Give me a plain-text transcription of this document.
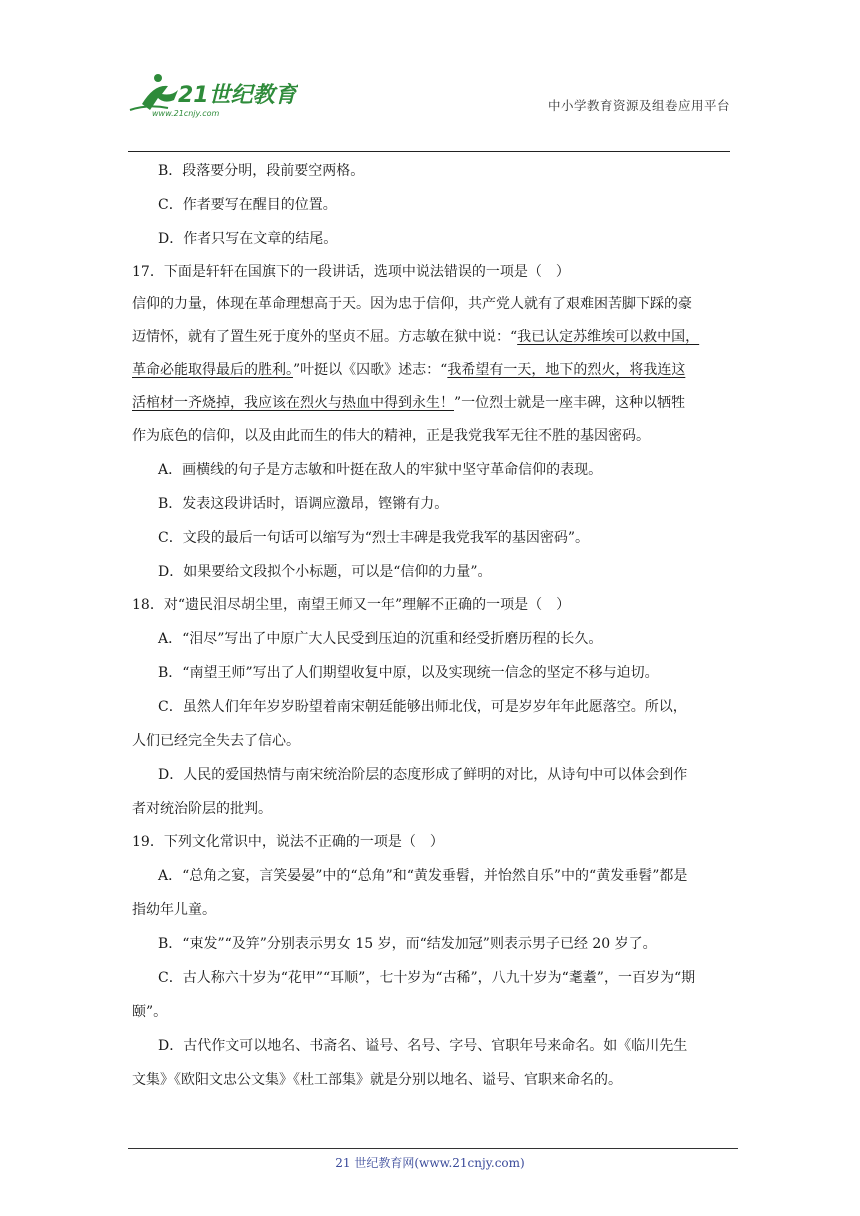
21世纪教育
www.21cnjy.com
中小学教育资源及组卷应用平台
B．段落要分明，段前要空两格。
C．作者要写在醒目的位置。
D．作者只写在文章的结尾。
17．下面是轩轩在国旗下的一段讲话，选项中说法错误的一项是（　）
信仰的力量，体现在革命理想高于天。因为忠于信仰，共产党人就有了艰难困苦脚下踩的豪
迈情怀，就有了置生死于度外的坚贞不屈。方志敏在狱中说：“我已认定苏维埃可以救中国，
革命必能取得最后的胜利。”叶挺以《囚歌》述志：“我希望有一天，地下的烈火，将我连这
活棺材一齐烧掉，我应该在烈火与热血中得到永生！”一位烈士就是一座丰碑，这种以牺牲
作为底色的信仰，以及由此而生的伟大的精神，正是我党我军无往不胜的基因密码。
A．画横线的句子是方志敏和叶挺在敌人的牢狱中坚守革命信仰的表现。
B．发表这段讲话时，语调应激昂，铿锵有力。
C．文段的最后一句话可以缩写为“烈士丰碑是我党我军的基因密码”。
D．如果要给文段拟个小标题，可以是“信仰的力量”。
18．对“遗民泪尽胡尘里，南望王师又一年”理解不正确的一项是（　）
A．“泪尽”写出了中原广大人民受到压迫的沉重和经受折磨历程的长久。
B．“南望王师”写出了人们期望收复中原，以及实现统一信念的坚定不移与迫切。
C．虽然人们年年岁岁盼望着南宋朝廷能够出师北伐，可是岁岁年年此愿落空。所以，
人们已经完全失去了信心。
D．人民的爱国热情与南宋统治阶层的态度形成了鲜明的对比，从诗句中可以体会到作
者对统治阶层的批判。
19．下列文化常识中，说法不正确的一项是（　）
A．“总角之宴，言笑晏晏”中的“总角”和“黄发垂髫，并怡然自乐”中的“黄发垂髫”都是
指幼年儿童。
B．“束发”“及笄”分别表示男女 15 岁，而“结发加冠”则表示男子已经 20 岁了。
C．古人称六十岁为“花甲”“耳顺”，七十岁为“古稀”，八九十岁为“耄耋”，一百岁为“期
颐”。
D．古代作文可以地名、书斋名、谥号、名号、字号、官职年号来命名。如《临川先生
文集》《欧阳文忠公文集》《杜工部集》就是分别以地名、谥号、官职来命名的。
21 世纪教育网(www.21cnjy.com)
